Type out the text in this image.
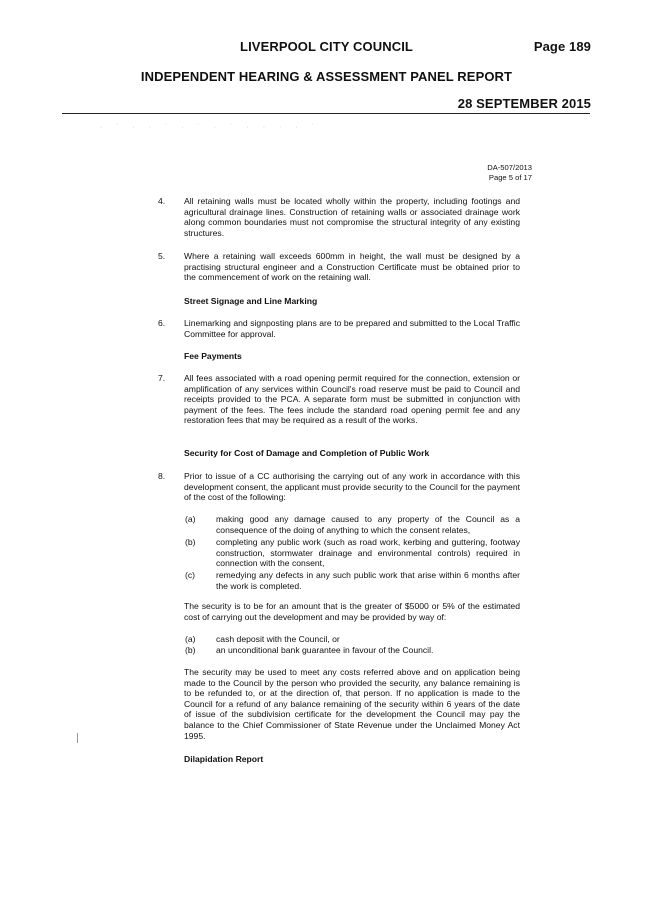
LIVERPOOL CITY COUNCIL	Page 189
INDEPENDENT HEARING & ASSESSMENT PANEL REPORT
28 SEPTEMBER 2015
· ˙ · · ˙ · ˙ · ˙ · · · · ˙
DA-507/2013
Page 5 of 17
4. All retaining walls must be located wholly within the property, including footings and agricultural drainage lines. Construction of retaining walls or associated drainage work along common boundaries must not compromise the structural integrity of any existing structures.
5. Where a retaining wall exceeds 600mm in height, the wall must be designed by a practising structural engineer and a Construction Certificate must be obtained prior to the commencement of work on the retaining wall.
Street Signage and Line Marking
6. Linemarking and signposting plans are to be prepared and submitted to the Local Traffic Committee for approval.
Fee Payments
7. All fees associated with a road opening permit required for the connection, extension or amplification of any services within Council's road reserve must be paid to Council and receipts provided to the PCA. A separate form must be submitted in conjunction with payment of the fees. The fees include the standard road opening permit fee and any restoration fees that may be required as a result of the works.
Security for Cost of Damage and Completion of Public Work
8. Prior to issue of a CC authorising the carrying out of any work in accordance with this development consent, the applicant must provide security to the Council for the payment of the cost of the following:
(a) making good any damage caused to any property of the Council as a consequence of the doing of anything to which the consent relates,
(b) completing any public work (such as road work, kerbing and guttering, footway construction, stormwater drainage and environmental controls) required in connection with the consent,
(c) remedying any defects in any such public work that arise within 6 months after the work is completed.
The security is to be for an amount that is the greater of $5000 or 5% of the estimated cost of carrying out the development and may be provided by way of:
(a) cash deposit with the Council, or
(b) an unconditional bank guarantee in favour of the Council.
The security may be used to meet any costs referred above and on application being made to the Council by the person who provided the security, any balance remaining is to be refunded to, or at the direction of, that person. If no application is made to the Council for a refund of any balance remaining of the security within 6 years of the date of issue of the subdivision certificate for the development the Council may pay the balance to the Chief Commissioner of State Revenue under the Unclaimed Money Act 1995.
Dilapidation Report
